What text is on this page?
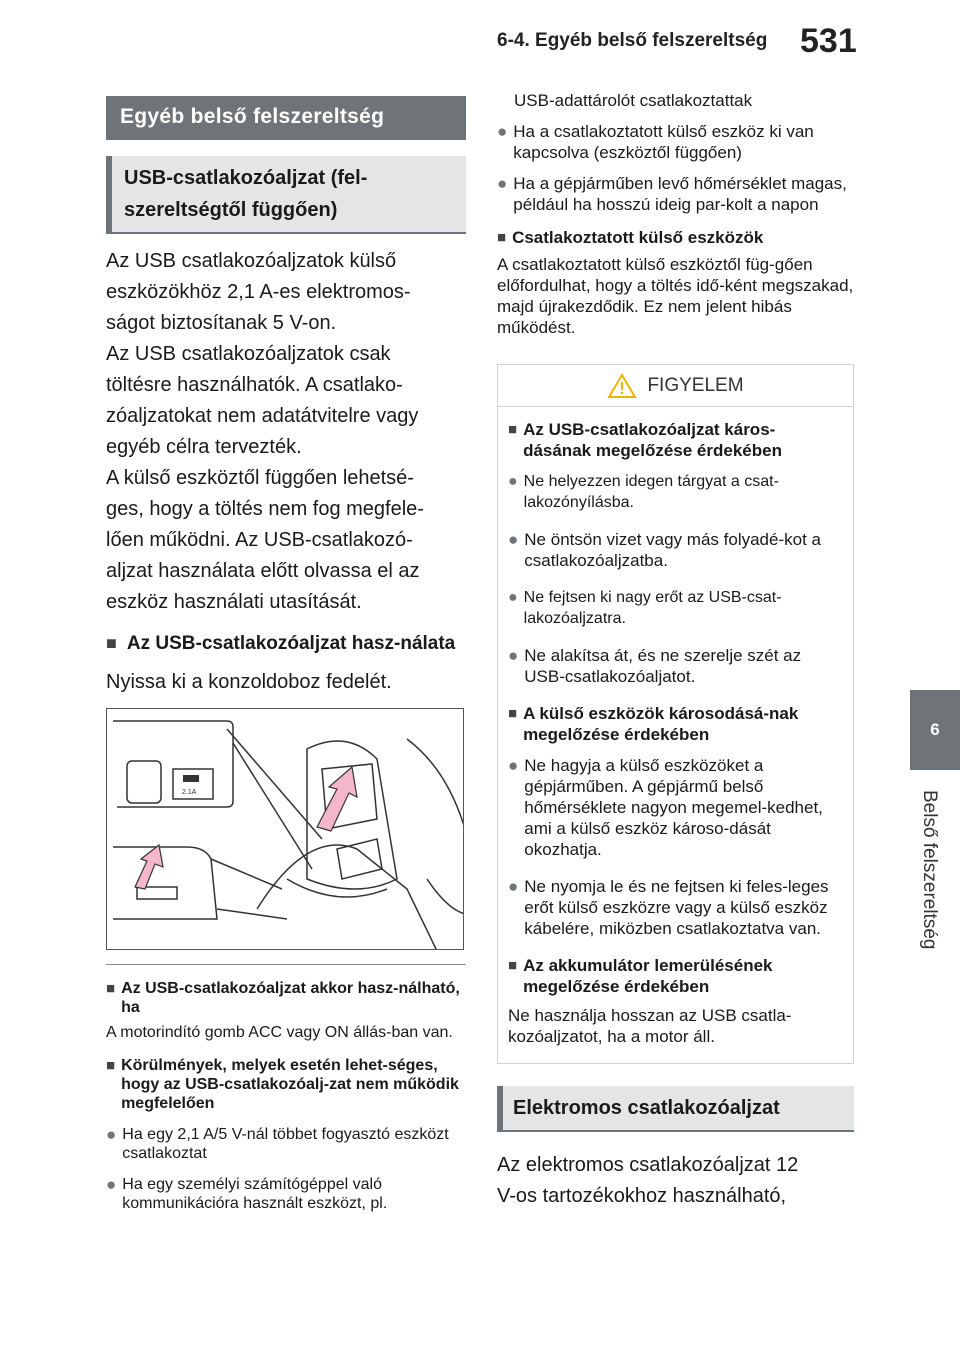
6-4. Egyéb belső felszereltség 531
6
Belső felszereltség
Egyéb belső felszereltség
USB-csatlakozóaljzat (fel-szereltségtől függően)
Az USB csatlakozóaljzatok külső
eszközökhöz 2,1 A-es elektromos-
ságot biztosítanak 5 V-on.
Az USB csatlakozóaljzatok csak
töltésre használhatók. A csatlako-
zóaljzatokat nem adatátvitelre vagy
egyéb célra tervezték.
A külső eszköztől függően lehetsé-
ges, hogy a töltés nem fog megfele-
lően működni. Az USB-csatlakozó-
aljzat használata előtt olvassa el az
eszköz használati utasítását.
■ Az USB-csatlakozóaljzat hasz-nálata
Nyissa ki a konzoldoboz fedelét.
2.1A
■ Az USB-csatlakozóaljzat akkor hasz-nálható, ha
A motorindító gomb ACC vagy ON állás-ban van.
■ Körülmények, melyek esetén lehet-séges, hogy az USB-csatlakozóalj-zat nem működik megfelelően
● Ha egy 2,1 A/5 V-nál többet fogyasztó eszközt csatlakoztat
● Ha egy személyi számítógéppel való kommunikációra használt eszközt, pl.
USB-adattárolót csatlakoztattak
● Ha a csatlakoztatott külső eszköz ki van kapcsolva (eszköztől függően)
● Ha a gépjárműben levő hőmérséklet magas, például ha hosszú ideig par-kolt a napon
■ Csatlakoztatott külső eszközök
A csatlakoztatott külső eszköztől füg-gően előfordulhat, hogy a töltés idő-ként megszakad, majd újrakezdődik. Ez nem jelent hibás működést.
FIGYELEM
■ Az USB-csatlakozóaljzat káros-dásának megelőzése érdekében
● Ne helyezzen idegen tárgyat a csat-lakozónyílásba.
● Ne öntsön vizet vagy más folyadé-kot a csatlakozóaljzatba.
● Ne fejtsen ki nagy erőt az USB-csat-lakozóaljzatra.
● Ne alakítsa át, és ne szerelje szét az USB-csatlakozóaljatot.
■ A külső eszközök károsodásá-nak megelőzése érdekében
● Ne hagyja a külső eszközöket a gépjárműben. A gépjármű belső hőmérséklete nagyon megemel-kedhet, ami a külső eszköz károso-dását okozhatja.
● Ne nyomja le és ne fejtsen ki feles-leges erőt külső eszközre vagy a külső eszköz kábelére, miközben csatlakoztatva van.
■ Az akkumulátor lemerülésének megelőzése érdekében
Ne használja hosszan az USB csatla-kozóaljzatot, ha a motor áll.
Elektromos csatlakozóaljzat
Az elektromos csatlakozóaljzat 12
V-os tartozékokhoz használható,
